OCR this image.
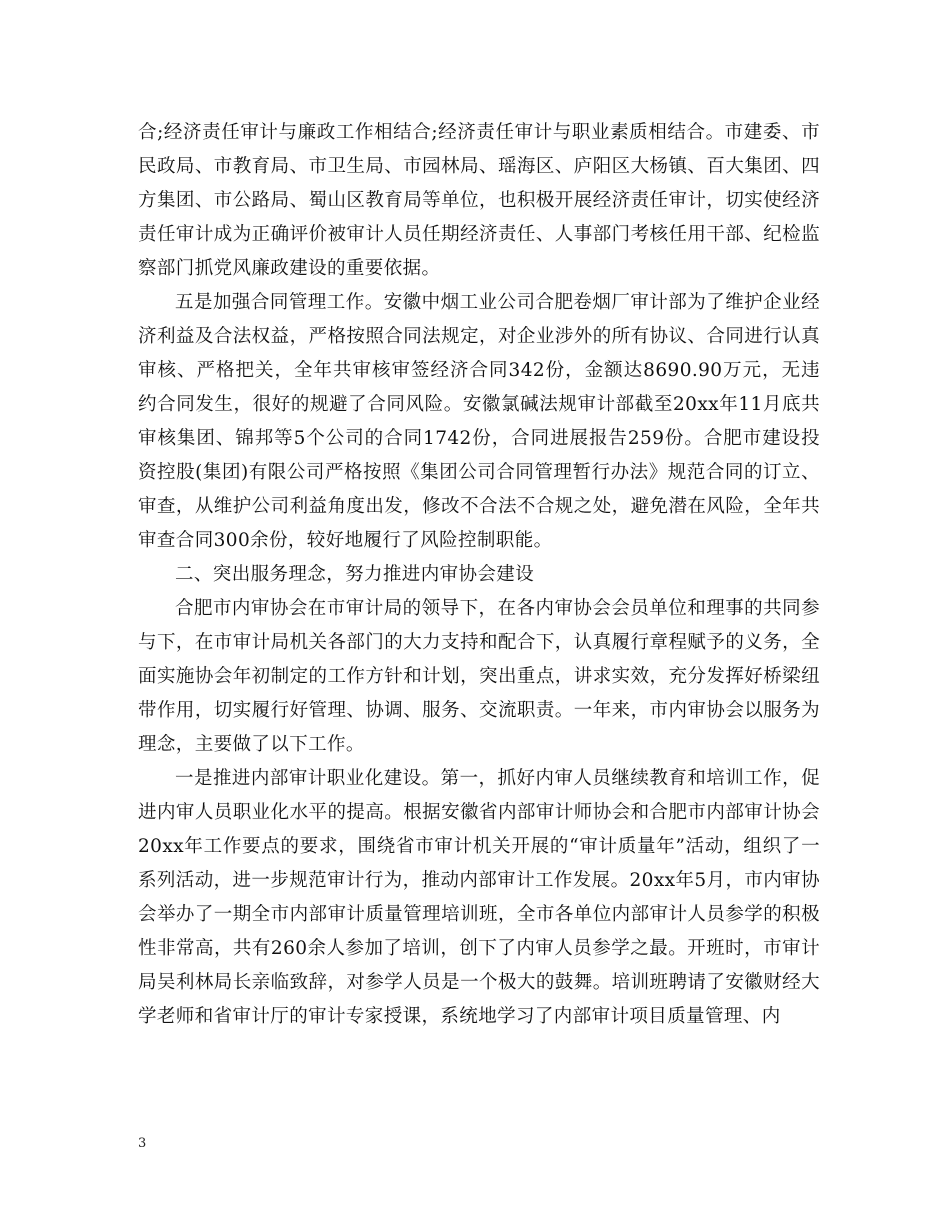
合;经济责任审计与廉政工作相结合;经济责任审计与职业素质相结合。市建委、市民政局、市教育局、市卫生局、市园林局、瑶海区、庐阳区大杨镇、百大集团、四方集团、市公路局、蜀山区教育局等单位，也积极开展经济责任审计，切实使经济责任审计成为正确评价被审计人员任期经济责任、人事部门考核任用干部、纪检监察部门抓党风廉政建设的重要依据。

五是加强合同管理工作。安徽中烟工业公司合肥卷烟厂审计部为了维护企业经济利益及合法权益，严格按照合同法规定，对企业涉外的所有协议、合同进行认真审核、严格把关，全年共审核审签经济合同342份，金额达8690.90万元，无违约合同发生，很好的规避了合同风险。安徽氯碱法规审计部截至20xx年11月底共审核集团、锦邦等5个公司的合同1742份，合同进展报告259份。合肥市建设投资控股(集团)有限公司严格按照《集团公司合同管理暂行办法》规范合同的订立、审查，从维护公司利益角度出发，修改不合法不合规之处，避免潜在风险，全年共审查合同300余份，较好地履行了风险控制职能。

二、突出服务理念，努力推进内审协会建设

合肥市内审协会在市审计局的领导下，在各内审协会会员单位和理事的共同参与下，在市审计局机关各部门的大力支持和配合下，认真履行章程赋予的义务，全面实施协会年初制定的工作方针和计划，突出重点，讲求实效，充分发挥好桥梁纽带作用，切实履行好管理、协调、服务、交流职责。一年来，市内审协会以服务为理念，主要做了以下工作。

一是推进内部审计职业化建设。第一，抓好内审人员继续教育和培训工作，促进内审人员职业化水平的提高。根据安徽省内部审计师协会和合肥市内部审计协会20xx年工作要点的要求，围绕省市审计机关开展的“审计质量年”活动，组织了一系列活动，进一步规范审计行为，推动内部审计工作发展。20xx年5月，市内审协会举办了一期全市内部审计质量管理培训班，全市各单位内部审计人员参学的积极性非常高，共有260余人参加了培训，创下了内审人员参学之最。开班时，市审计局吴利林局长亲临致辞，对参学人员是一个极大的鼓舞。培训班聘请了安徽财经大学老师和省审计厅的审计专家授课，系统地学习了内部审计项目质量管理、内

3
